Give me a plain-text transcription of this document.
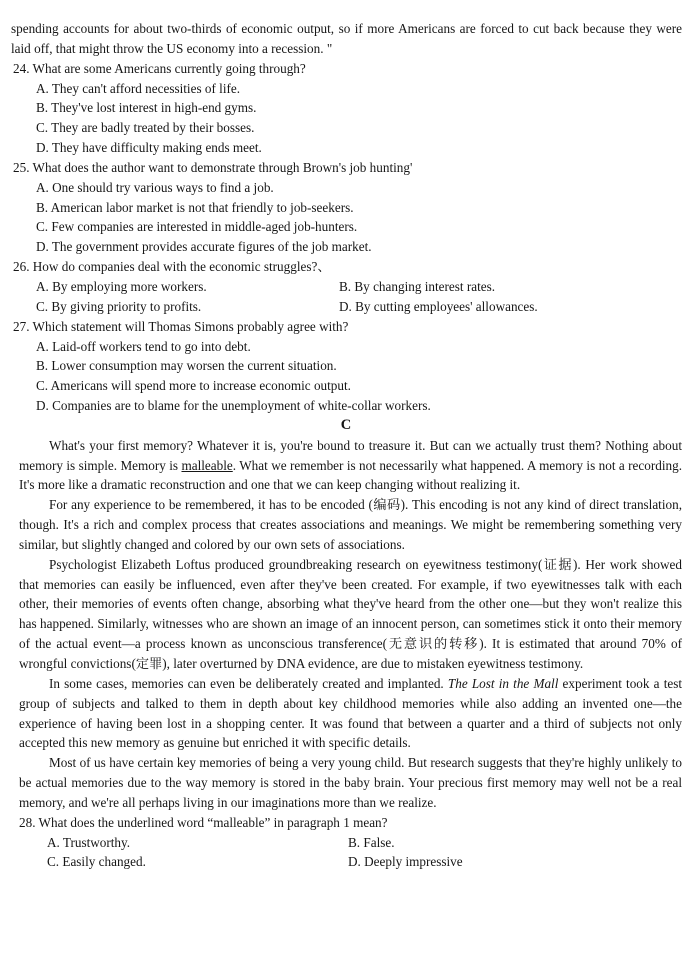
spending accounts for about two-thirds of economic output, so if more Americans are forced to cut back because they were laid off, that might throw the US economy into a recession. "

24. What are some Americans currently going through?

A. They can't afford necessities of life.

B. They've lost interest in high-end gyms.

C. They are badly treated by their bosses.

D. They have difficulty making ends meet.

25. What does the author want to demonstrate through Brown's job hunting'

A. One should try various ways to find a job.

B. American labor market is not that friendly to job-seekers.

C. Few companies are interested in middle-aged job-hunters.

D. The government provides accurate figures of the job market.

26. How do companies deal with the economic struggles?、

A. By employing more workers.	B. By changing interest rates.
C. By giving priority to profits.	D. By cutting employees' allowances.

27. Which statement will Thomas Simons probably agree with?

A. Laid-off workers tend to go into debt.

B. Lower consumption may worsen the current situation.

C. Americans will spend more to increase economic output.

D. Companies are to blame for the unemployment of white-collar workers.

C

What's your first memory? Whatever it is, you're bound to treasure it. But can we actually trust them? Nothing about memory is simple. Memory is malleable. What we remember is not necessarily what happened. A memory is not a recording. It's more like a dramatic reconstruction and one that we can keep changing without realizing it.

For any experience to be remembered, it has to be encoded (编码). This encoding is not any kind of direct translation, though. It's a rich and complex process that creates associations and meanings. We might be remembering something very similar, but slightly changed and colored by our own sets of associations.

Psychologist Elizabeth Loftus produced groundbreaking research on eyewitness testimony(证据). Her work showed that memories can easily be influenced, even after they've been created. For example, if two eyewitnesses talk with each other, their memories of events often change, absorbing what they've heard from the other one—but they won't realize this has happened. Similarly, witnesses who are shown an image of an innocent person, can sometimes stick it onto their memory of the actual event—a process known as unconscious transference(无意识的转移). It is estimated that around 70% of wrongful convictions(定罪), later overturned by DNA evidence, are due to mistaken eyewitness testimony.

In some cases, memories can even be deliberately created and implanted. The Lost in the Mall experiment took a test group of subjects and talked to them in depth about key childhood memories while also adding an invented one—the experience of having been lost in a shopping center. It was found that between a quarter and a third of subjects not only accepted this new memory as genuine but enriched it with specific details.

Most of us have certain key memories of being a very young child. But research suggests that they're highly unlikely to be actual memories due to the way memory is stored in the baby brain. Your precious first memory may well not be a real memory, and we're all perhaps living in our imaginations more than we realize.

28. What does the underlined word “malleable” in paragraph 1 mean?

A. Trustworthy.	B. False.
C. Easily changed.	D. Deeply impressive
